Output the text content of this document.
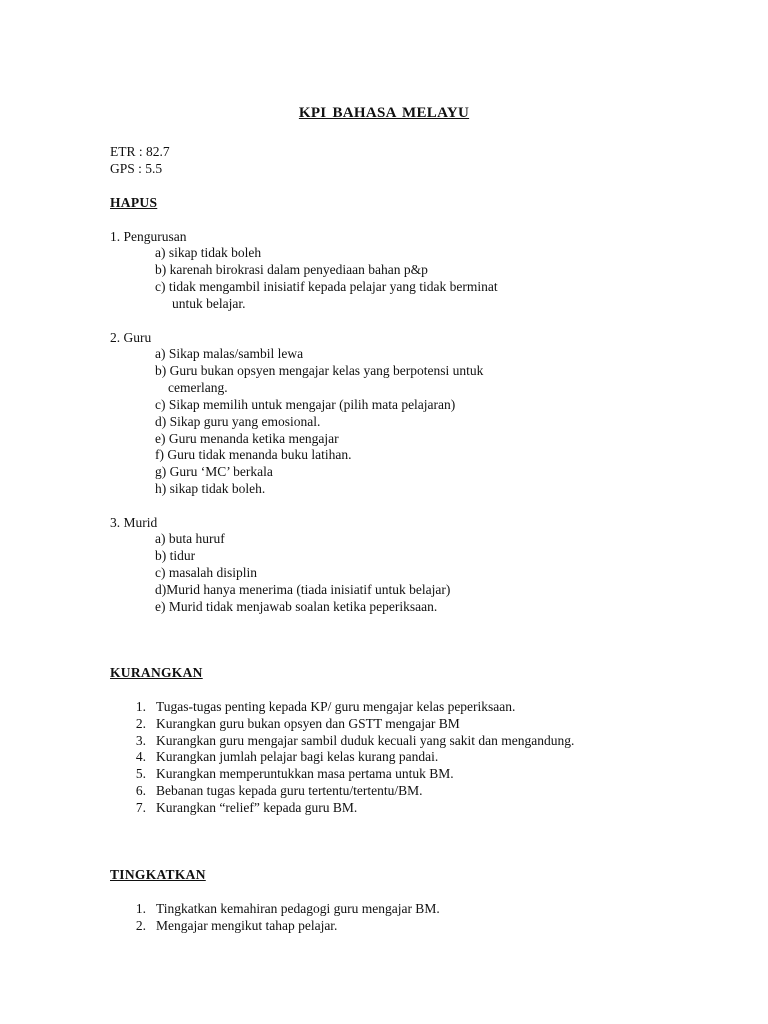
KPI BAHASA MELAYU
ETR : 82.7
GPS : 5.5
HAPUS
1. Pengurusan
a) sikap tidak boleh
b) karenah birokrasi dalam penyediaan bahan p&p
c) tidak mengambil inisiatif kepada pelajar yang tidak berminat
untuk belajar.
2. Guru
a) Sikap malas/sambil lewa
b) Guru bukan opsyen mengajar kelas yang berpotensi untuk
cemerlang.
c) Sikap memilih untuk mengajar (pilih mata pelajaran)
d) Sikap guru yang emosional.
e) Guru menanda ketika mengajar
f) Guru tidak menanda buku latihan.
g) Guru ‘MC’ berkala
h) sikap tidak boleh.
3. Murid
a) buta huruf
b) tidur
c) masalah disiplin
d)Murid hanya menerima (tiada inisiatif untuk belajar)
e) Murid tidak menjawab soalan ketika peperiksaan.
KURANGKAN
1. Tugas-tugas penting kepada KP/ guru mengajar kelas peperiksaan.
2. Kurangkan guru bukan opsyen dan GSTT mengajar BM
3. Kurangkan guru mengajar sambil duduk kecuali yang sakit dan mengandung.
4. Kurangkan jumlah pelajar bagi kelas kurang pandai.
5. Kurangkan memperuntukkan masa pertama untuk BM.
6. Bebanan tugas kepada guru tertentu/tertentu/BM.
7. Kurangkan “relief” kepada guru BM.
TINGKATKAN
1. Tingkatkan kemahiran pedagogi guru mengajar BM.
2. Mengajar mengikut tahap pelajar.
